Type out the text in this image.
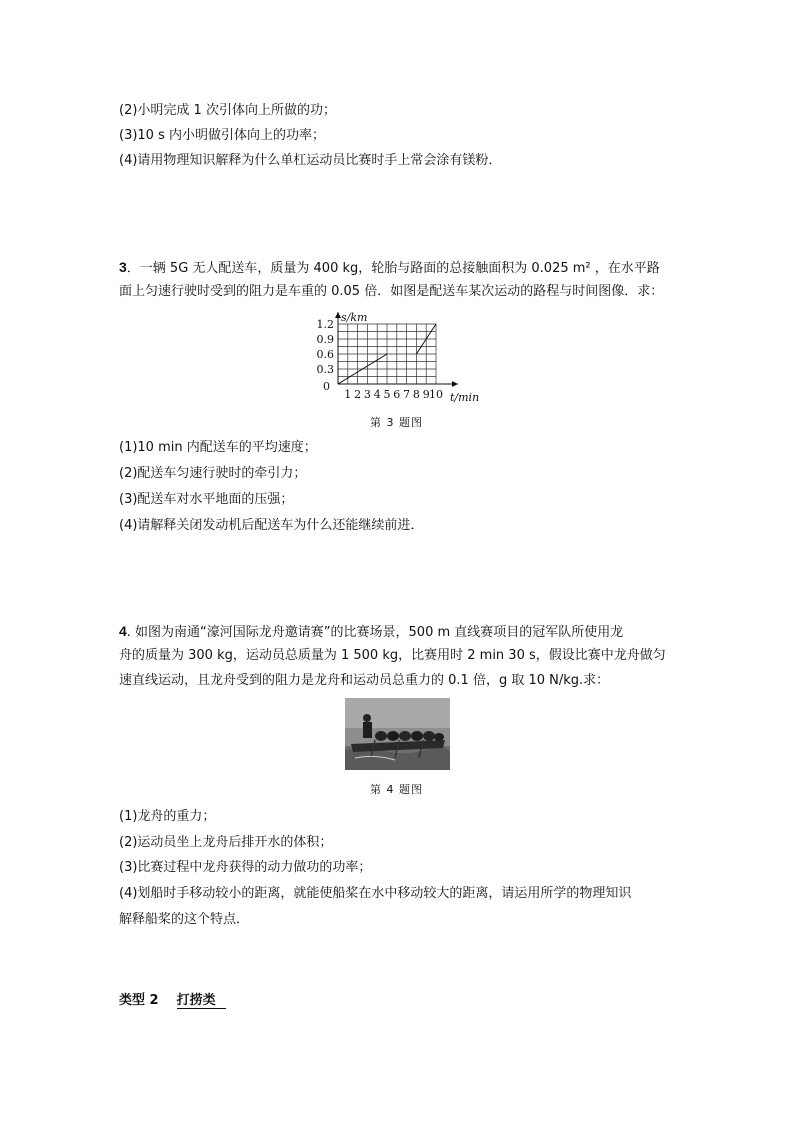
(2)小明完成 1 次引体向上所做的功；
(3)10 s 内小明做引体向上的功率；
(4)请用物理知识解释为什么单杠运动员比赛时手上常会涂有镁粉．
3．一辆 5G 无人配送车，质量为 400 kg，轮胎与路面的总接触面积为 0.025 m² ，在水平路
面上匀速行驶时受到的阻力是车重的 0.05 倍．如图是配送车某次运动的路程与时间图像．求：
0.3
0.6
0.9
1.2
0
1 2 3 4 5 6 7 8 9 10
s/km
t/min
第 3 题图
(1)10 min 内配送车的平均速度；
(2)配送车匀速行驶时的牵引力；
(3)配送车对水平地面的压强；
(4)请解释关闭发动机后配送车为什么还能继续前进．
4. 如图为南通“濠河国际龙舟邀请赛”的比赛场景，500 m 直线赛项目的冠军队所使用龙
舟的质量为 300 kg，运动员总质量为 1 500 kg，比赛用时 2 min 30 s，假设比赛中龙舟做匀
速直线运动，且龙舟受到的阻力是龙舟和运动员总重力的 0.1 倍，g 取 10 N/kg.求：
第 4 题图
(1)龙舟的重力；
(2)运动员坐上龙舟后排开水的体积；
(3)比赛过程中龙舟获得的动力做功的功率；
(4)划船时手移动较小的距离，就能使船桨在水中移动较大的距离，请运用所学的物理知识
解释船桨的这个特点．
类型 2 打捞类
